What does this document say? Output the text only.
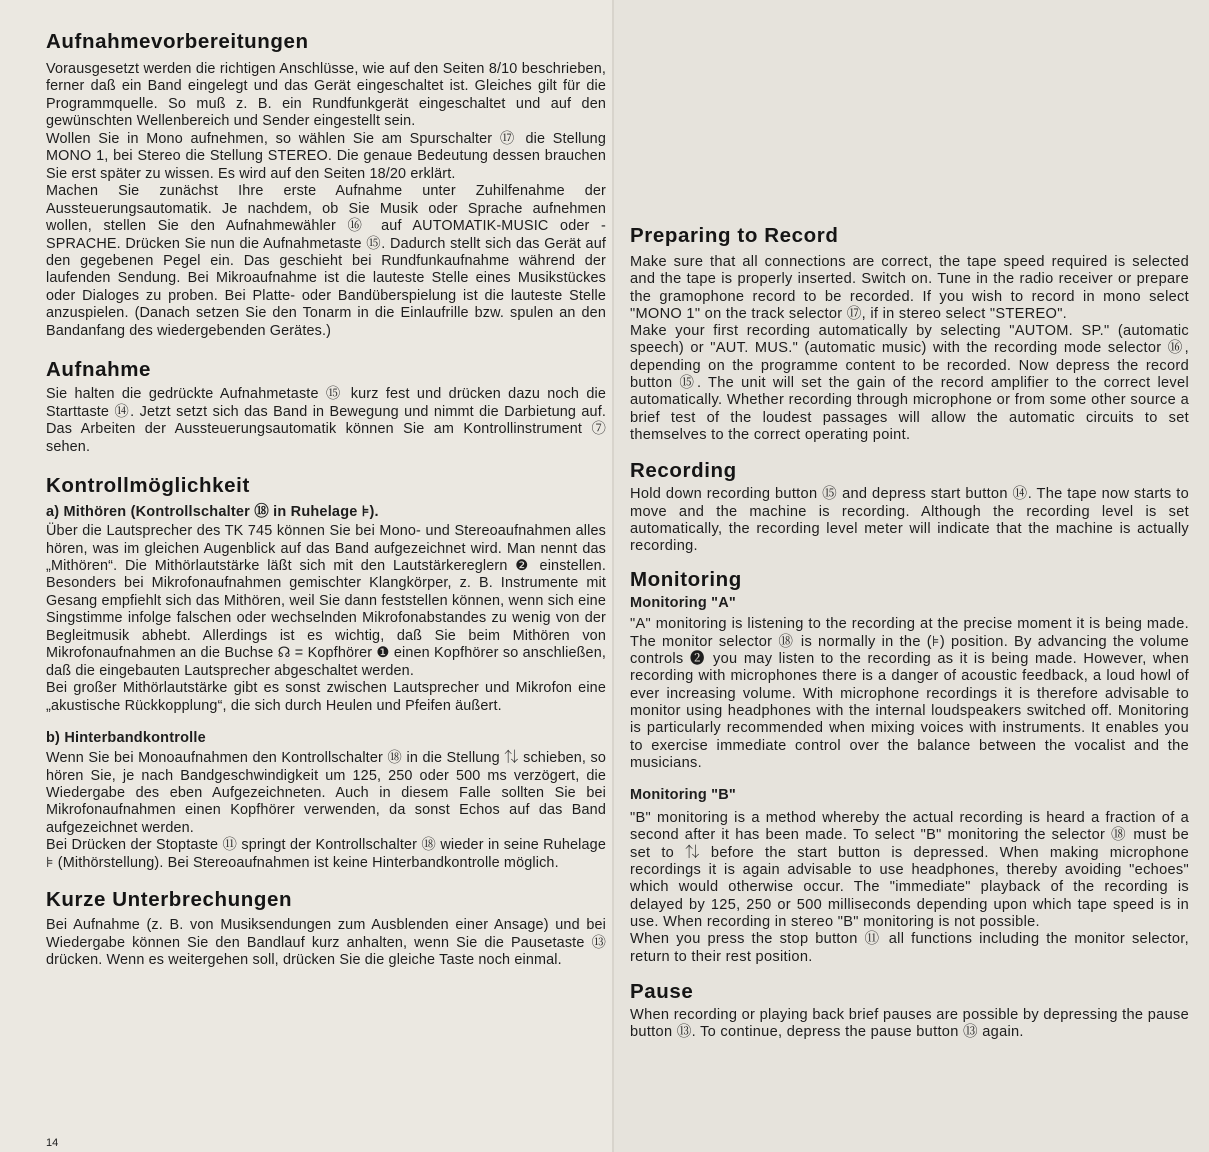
Aufnahmevorbereitungen

Vorausgesetzt werden die richtigen Anschlüsse, wie auf den Seiten 8/10 beschrieben, ferner daß ein Band eingelegt und das Gerät eingeschaltet ist. Gleiches gilt für die Programmquelle. So muß z. B. ein Rundfunkgerät eingeschaltet und auf den gewünschten Wellenbereich und Sender eingestellt sein.

Wollen Sie in Mono aufnehmen, so wählen Sie am Spurschalter ⑰ die Stellung MONO 1, bei Stereo die Stellung STEREO. Die genaue Bedeutung dessen brauchen Sie erst später zu wissen. Es wird auf den Seiten 18/20 erklärt.

Machen Sie zunächst Ihre erste Aufnahme unter Zuhilfenahme der Aussteuerungsautomatik. Je nachdem, ob Sie Musik oder Sprache aufnehmen wollen, stellen Sie den Aufnahmewähler ⑯ auf AUTOMATIK-MUSIC oder -SPRACHE. Drücken Sie nun die Aufnahmetaste ⑮. Dadurch stellt sich das Gerät auf den gegebenen Pegel ein. Das geschieht bei Rundfunkaufnahme während der laufenden Sendung. Bei Mikroaufnahme ist die lauteste Stelle eines Musikstückes oder Dialoges zu proben. Bei Platte- oder Bandüberspielung ist die lauteste Stelle anzuspielen. (Danach setzen Sie den Tonarm in die Einlaufrille bzw. spulen an den Bandanfang des wiedergebenden Gerätes.)

Aufnahme

Sie halten die gedrückte Aufnahmetaste ⑮ kurz fest und drücken dazu noch die Starttaste ⑭. Jetzt setzt sich das Band in Bewegung und nimmt die Darbietung auf. Das Arbeiten der Aussteuerungsautomatik können Sie am Kontrollinstrument ⑦ sehen.

Kontrollmöglichkeit
a) Mithören (Kontrollschalter ⑱ in Ruhelage ⊧).

Über die Lautsprecher des TK 745 können Sie bei Mono- und Stereoaufnahmen alles hören, was im gleichen Augenblick auf das Band aufgezeichnet wird. Man nennt das „Mithören“. Die Mithörlautstärke läßt sich mit den Lautstärkereglern ❷ einstellen. Besonders bei Mikrofonaufnahmen gemischter Klangkörper, z. B. Instrumente mit Gesang empfiehlt sich das Mithören, weil Sie dann feststellen können, wenn sich eine Singstimme infolge falschen oder wechselnden Mikrofonabstandes zu wenig von der Begleitmusik abhebt. Allerdings ist es wichtig, daß Sie beim Mithören von Mikrofonaufnahmen an die Buchse ☊ = Kopfhörer ❶ einen Kopfhörer so anschließen, daß die eingebauten Lautsprecher abgeschaltet werden.

Bei großer Mithörlautstärke gibt es sonst zwischen Lautsprecher und Mikrofon eine „akustische Rückkopplung“, die sich durch Heulen und Pfeifen äußert.

b) Hinterbandkontrolle

Wenn Sie bei Monoaufnahmen den Kontrollschalter ⑱ in die Stellung ⇅ schieben, so hören Sie, je nach Bandgeschwindigkeit um 125, 250 oder 500 ms verzögert, die Wiedergabe des eben Aufgezeichneten. Auch in diesem Falle sollten Sie bei Mikrofonaufnahmen einen Kopfhörer verwenden, da sonst Echos auf das Band aufgezeichnet werden.

Bei Drücken der Stoptaste ⑪ springt der Kontrollschalter ⑱ wieder in seine Ruhelage ⊧ (Mithörstellung). Bei Stereoaufnahmen ist keine Hinterbandkontrolle möglich.

Kurze Unterbrechungen

Bei Aufnahme (z. B. von Musiksendungen zum Ausblenden einer Ansage) und bei Wiedergabe können Sie den Bandlauf kurz anhalten, wenn Sie die Pausetaste ⑬ drücken. Wenn es weitergehen soll, drücken Sie die gleiche Taste noch einmal.

14
Preparing to Record

Make sure that all connections are correct, the tape speed required is selected and the tape is properly inserted. Switch on. Tune in the radio receiver or prepare the gramophone record to be recorded. If you wish to record in mono select "MONO 1" on the track selector ⑰, if in stereo select "STEREO".

Make your first recording automatically by selecting "AUTOM. SP." (automatic speech) or "AUT. MUS." (automatic music) with the recording mode selector ⑯, depending on the programme content to be recorded. Now depress the record button ⑮. The unit will set the gain of the record amplifier to the correct level automatically. Whether recording through microphone or from some other source a brief test of the loudest passages will allow the automatic circuits to set themselves to the correct operating point.

Recording

Hold down recording button ⑮ and depress start button ⑭. The tape now starts to move and the machine is recording. Although the recording level is set automatically, the recording level meter will indicate that the machine is actually recording.

Monitoring
Monitoring "A"

"A" monitoring is listening to the recording at the precise moment it is being made. The monitor selector ⑱ is normally in the (⊧) position. By advancing the volume controls ❷ you may listen to the recording as it is being made. However, when recording with microphones there is a danger of acoustic feedback, a loud howl of ever increasing volume. With microphone recordings it is therefore advisable to monitor using headphones with the internal loudspeakers switched off. Monitoring is particularly recommended when mixing voices with instruments. It enables you to exercise immediate control over the balance between the vocalist and the musicians.

Monitoring "B"

"B" monitoring is a method whereby the actual recording is heard a fraction of a second after it has been made. To select "B" monitoring the selector ⑱ must be set to ⇅ before the start button is depressed. When making microphone recordings it is again advisable to use headphones, thereby avoiding "echoes" which would otherwise occur. The "immediate" playback of the recording is delayed by 125, 250 or 500 milliseconds depending upon which tape speed is in use. When recording in stereo "B" monitoring is not possible.

When you press the stop button ⑪ all functions including the monitor selector, return to their rest position.

Pause

When recording or playing back brief pauses are possible by depressing the pause button ⑬. To continue, depress the pause button ⑬ again.
